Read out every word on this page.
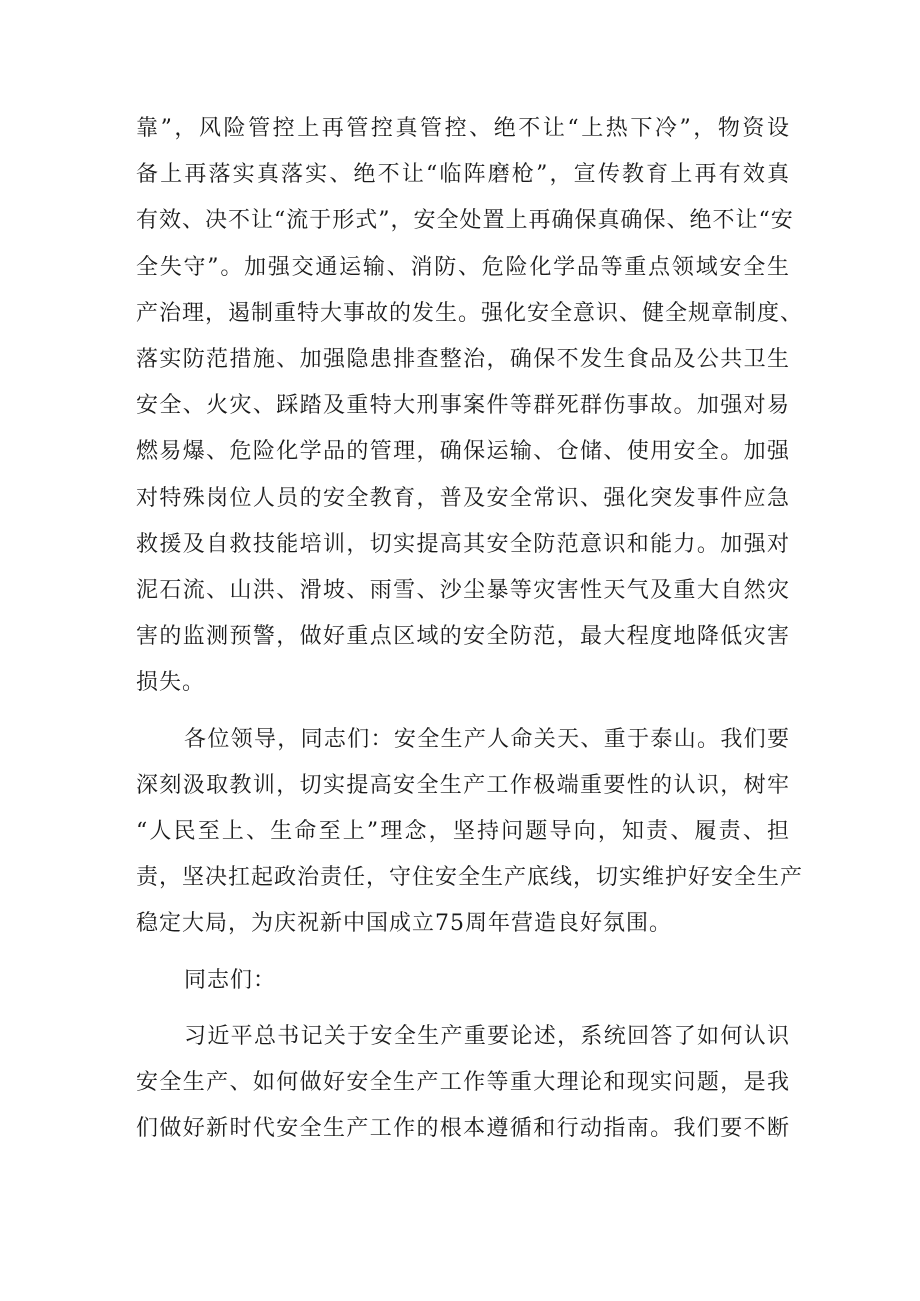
靠”，风险管控上再管控真管控、绝不让“上热下冷”，物资设
备上再落实真落实、绝不让“临阵磨枪”，宣传教育上再有效真
有效、决不让“流于形式”，安全处置上再确保真确保、绝不让“安
全失守”。加强交通运输、消防、危险化学品等重点领域安全生
产治理，遏制重特大事故的发生。强化安全意识、健全规章制度、
落实防范措施、加强隐患排查整治，确保不发生食品及公共卫生
安全、火灾、踩踏及重特大刑事案件等群死群伤事故。加强对易
燃易爆、危险化学品的管理，确保运输、仓储、使用安全。加强
对特殊岗位人员的安全教育，普及安全常识、强化突发事件应急
救援及自救技能培训，切实提高其安全防范意识和能力。加强对
泥石流、山洪、滑坡、雨雪、沙尘暴等灾害性天气及重大自然灾
害的监测预警，做好重点区域的安全防范，最大程度地降低灾害
损失。
各位领导，同志们：安全生产人命关天、重于泰山。我们要
深刻汲取教训，切实提高安全生产工作极端重要性的认识，树牢
“人民至上、生命至上”理念，坚持问题导向，知责、履责、担
责，坚决扛起政治责任，守住安全生产底线，切实维护好安全生产
稳定大局，为庆祝新中国成立75周年营造良好氛围。
同志们：
习近平总书记关于安全生产重要论述，系统回答了如何认识
安全生产、如何做好安全生产工作等重大理论和现实问题，是我
们做好新时代安全生产工作的根本遵循和行动指南。我们要不断
